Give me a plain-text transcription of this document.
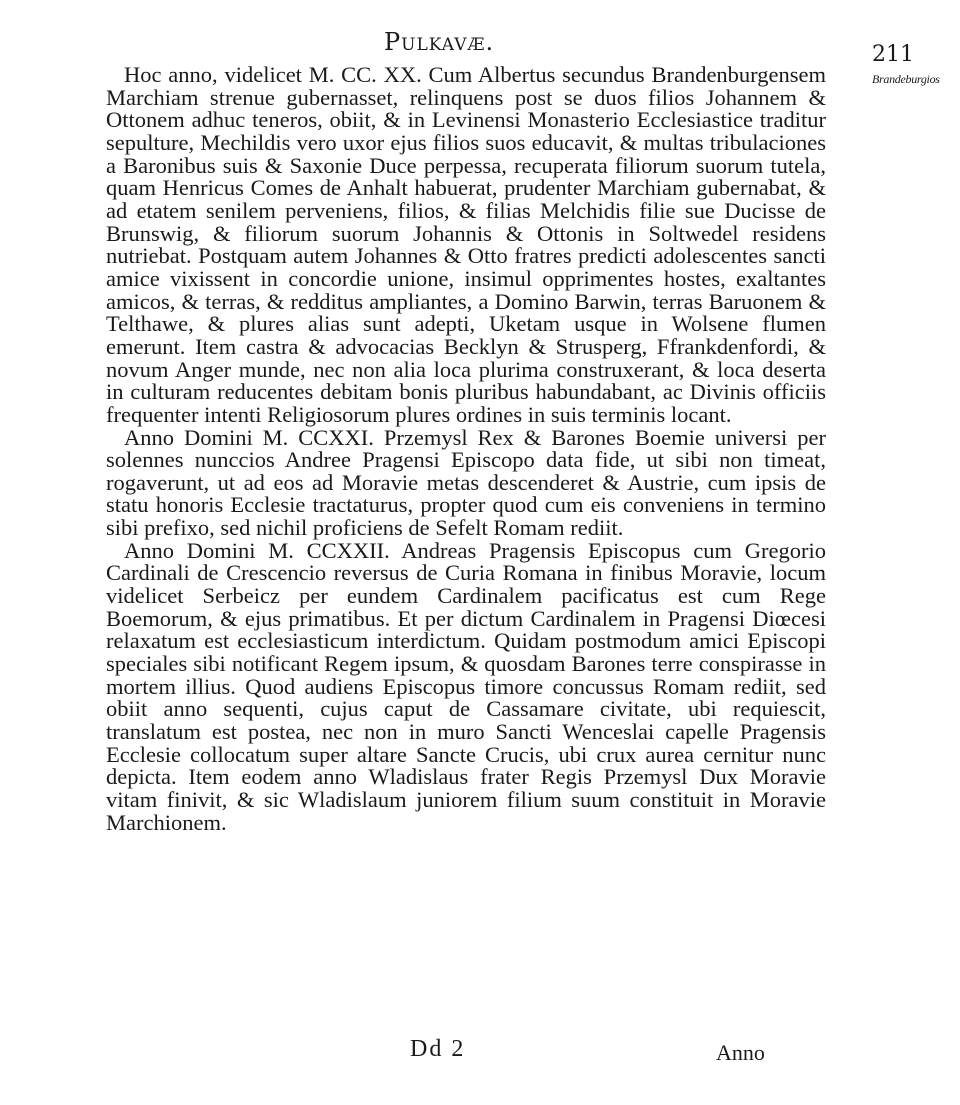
Pulkavæ.	211
Brandeburgios

Hoc anno, videlicet M. CC. XX. Cum Albertus secundus Brandenburgensem Marchiam strenue gubernasset, relinquens post se duos filios Johannem & Ottonem adhuc teneros, obiit, & in Levinensi Monasterio Ecclesiastice traditur sepulture, Mechildis vero uxor ejus filios suos educavit, & multas tribulaciones a Baronibus suis & Saxonie Duce perpessa, recuperata filiorum suorum tutela, quam Henricus Comes de Anhalt habuerat, prudenter Marchiam gubernabat, & ad etatem senilem perveniens, filios, & filias Melchidis filie sue Ducisse de Brunswig, & filiorum suorum Johannis & Ottonis in Soltwedel residens nutriebat. Postquam autem Johannes & Otto fratres predicti adolescentes sancti amice vixissent in concordie unione, insimul opprimentes hostes, exaltantes amicos, & terras, & redditus ampliantes, a Domino Barwin, terras Baruonem & Telthawe, & plures alias sunt adepti, Uketam usque in Wolsene flumen emerunt. Item castra & advocacias Becklyn & Strusperg, Ffrankdenfordi, & novum Anger munde, nec non alia loca plurima construxerant, & loca deserta in culturam reducentes debitam bonis pluribus habundabant, ac Divinis officiis frequenter intenti Religiosorum plures ordines in suis terminis locant.

Anno Domini M. CCXXI. Przemysl Rex & Barones Boemie universi per solennes nunccios Andree Pragensi Episcopo data fide, ut sibi non timeat, rogaverunt, ut ad eos ad Moravie metas descenderet & Austrie, cum ipsis de statu honoris Ecclesie tractaturus, propter quod cum eis conveniens in termino sibi prefixo, sed nichil proficiens de Sefelt Romam rediit.

Anno Domini M. CCXXII. Andreas Pragensis Episcopus cum Gregorio Cardinali de Crescencio reversus de Curia Romana in finibus Moravie, locum videlicet Serbeicz per eundem Cardinalem pacificatus est cum Rege Boemorum, & ejus primatibus. Et per dictum Cardinalem in Pragensi Diœcesi relaxatum est ecclesiasticum interdictum. Quidam postmodum amici Episcopi speciales sibi notificant Regem ipsum, & quosdam Barones terre conspirasse in mortem illius. Quod audiens Episcopus timore concussus Romam rediit, sed obiit anno sequenti, cujus caput de Cassamare civitate, ubi requiescit, translatum est postea, nec non in muro Sancti Wenceslai capelle Pragensis Ecclesie collocatum super altare Sancte Crucis, ubi crux aurea cernitur nunc depicta. Item eodem anno Wladislaus frater Regis Przemysl Dux Moravie vitam finivit, & sic Wladislaum juniorem filium suum constituit in Moravie Marchionem.

Dd 2	Anno
